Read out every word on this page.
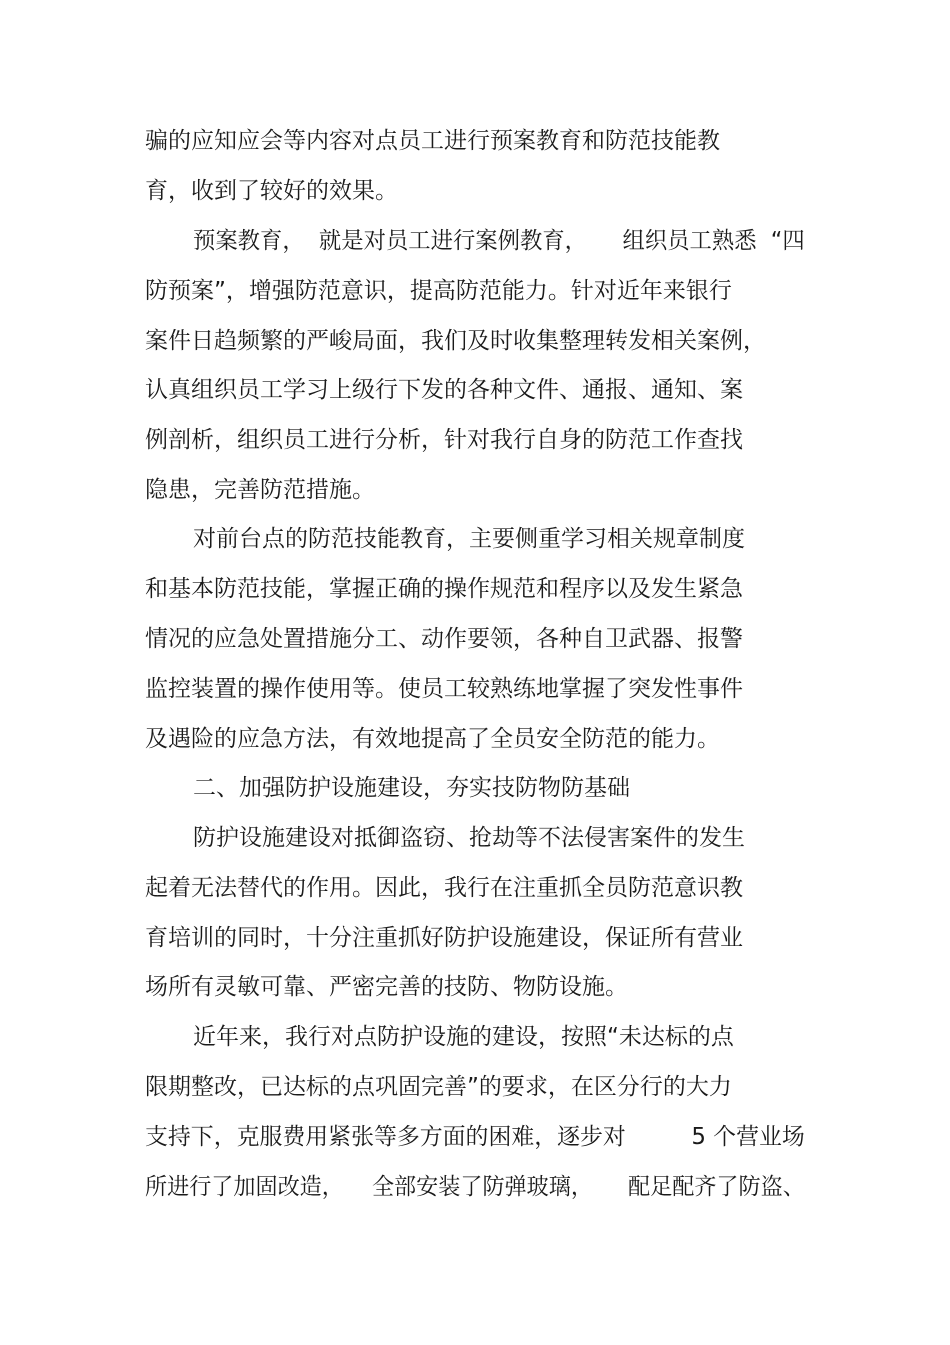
骗的应知应会等内容对点员工进行预案教育和防范技能教

育，收到了较好的效果。

预案教育，  就是对员工进行案例教育，     组织员工熟悉  “四

防预案”，增强防范意识，提高防范能力。针对近年来银行

案件日趋频繁的严峻局面，我们及时收集整理转发相关案例，

认真组织员工学习上级行下发的各种文件、通报、通知、案

例剖析，组织员工进行分析，针对我行自身的防范工作查找

隐患，完善防范措施。

对前台点的防范技能教育，主要侧重学习相关规章制度

和基本防范技能，掌握正确的操作规范和程序以及发生紧急

情况的应急处置措施分工、动作要领，各种自卫武器、报警

监控装置的操作使用等。使员工较熟练地掌握了突发性事件

及遇险的应急方法，有效地提高了全员安全防范的能力。

二、加强防护设施建设，夯实技防物防基础

防护设施建设对抵御盗窃、抢劫等不法侵害案件的发生

起着无法替代的作用。因此，我行在注重抓全员防范意识教

育培训的同时，十分注重抓好防护设施建设，保证所有营业

场所有灵敏可靠、严密完善的技防、物防设施。

近年来，我行对点防护设施的建设，按照“未达标的点

限期整改，已达标的点巩固完善”的要求，在区分行的大力

支持下，克服费用紧张等多方面的困难，逐步对         5 个营业场

所进行了加固改造，    全部安装了防弹玻璃，     配足配齐了防盗、
